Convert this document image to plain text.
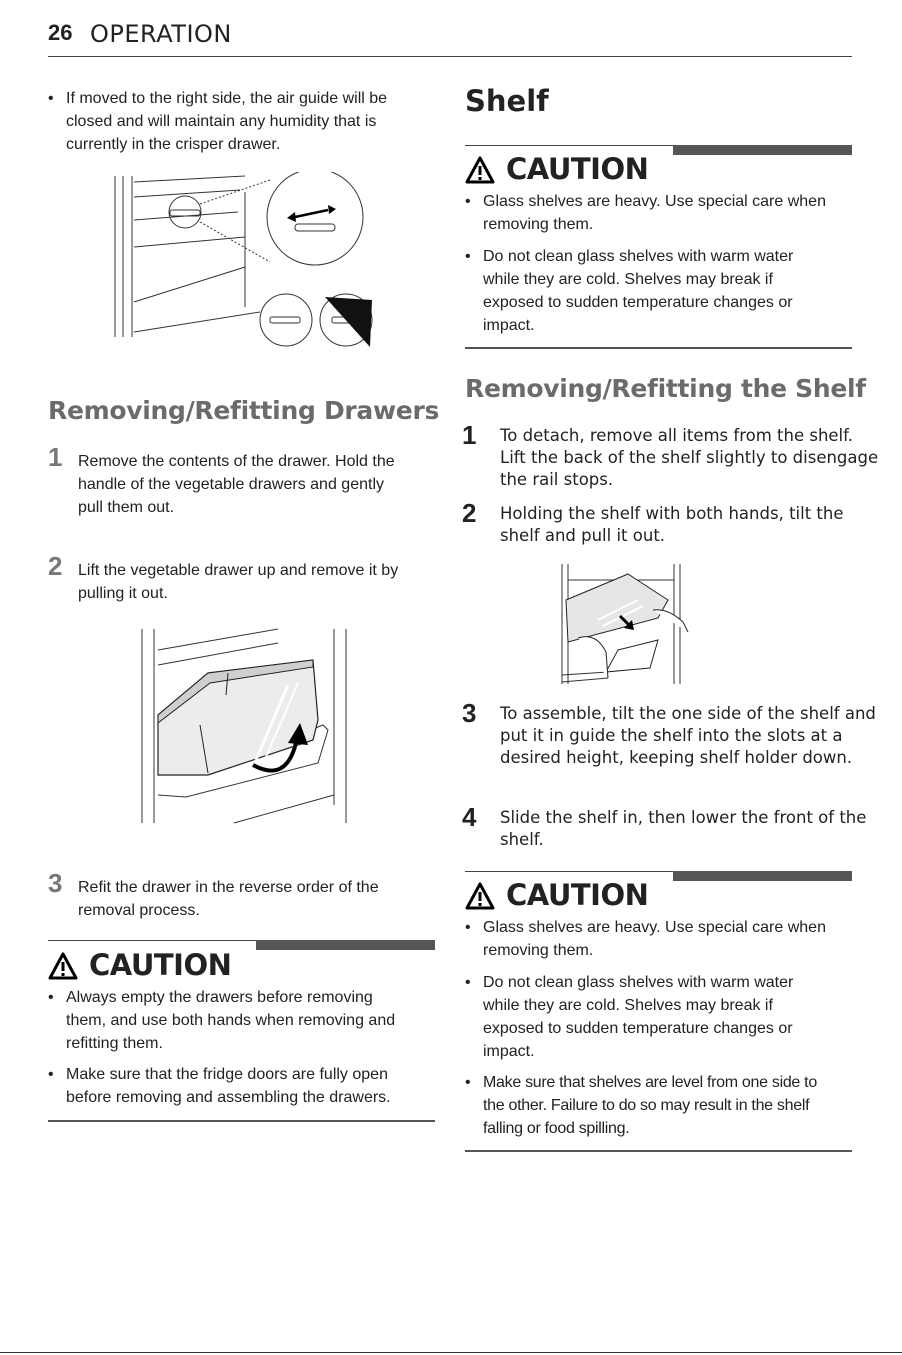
26 OPERATION
• If moved to the right side, the air guide will be
closed and will maintain any humidity that is
currently in the crisper drawer.
Removing/Refitting Drawers
1 Remove the contents of the drawer. Hold the
handle of the vegetable drawers and gently
pull them out.
2 Lift the vegetable drawer up and remove it by
pulling it out.
3 Refit the drawer in the reverse order of the
removal process.
CAUTION
• Always empty the drawers before removing
them, and use both hands when removing and
refitting them.
• Make sure that the fridge doors are fully open
before removing and assembling the drawers.
Shelf
CAUTION
• Glass shelves are heavy. Use special care when
removing them.
• Do not clean glass shelves with warm water
while they are cold. Shelves may break if
exposed to sudden temperature changes or
impact.
Removing/Refitting the Shelf
1 To detach, remove all items from the shelf.
Lift the back of the shelf slightly to disengage
the rail stops.
2 Holding the shelf with both hands, tilt the
shelf and pull it out.
3 To assemble, tilt the one side of the shelf and
put it in guide the shelf into the slots at a
desired height, keeping shelf holder down.
4 Slide the shelf in, then lower the front of the
shelf.
CAUTION
• Glass shelves are heavy. Use special care when
removing them.
• Do not clean glass shelves with warm water
while they are cold. Shelves may break if
exposed to sudden temperature changes or
impact.
• Make sure that shelves are level from one side to
the other. Failure to do so may result in the shelf
falling or food spilling.
